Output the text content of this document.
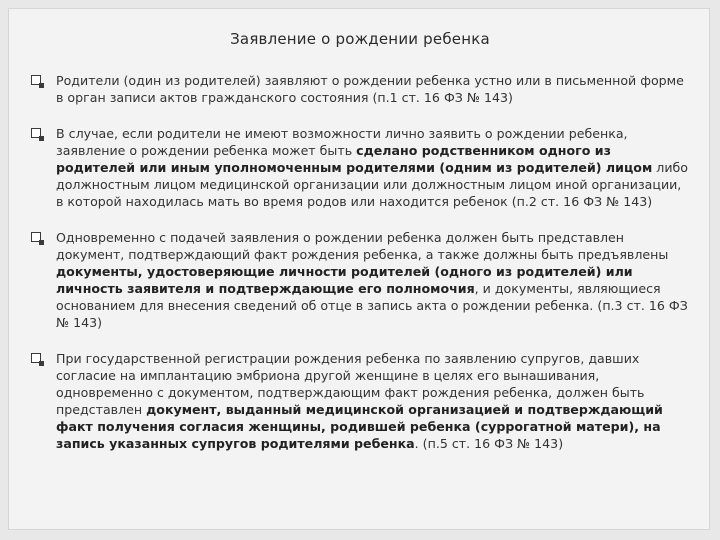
Заявление о рождении ребенка
Родители (один из родителей) заявляют о рождении ребенка устно или в письменной форме в орган записи актов гражданского состояния (п.1 ст. 16 ФЗ № 143)
В случае, если родители не имеют возможности лично заявить о рождении ребенка, заявление о рождении ребенка может быть сделано родственником одного из родителей или иным уполномоченным родителями (одним из родителей) лицом либо должностным лицом медицинской организации или должностным лицом иной организации, в которой находилась мать во время родов или находится ребенок (п.2 ст. 16 ФЗ № 143)
Одновременно с подачей заявления о рождении ребенка должен быть представлен документ, подтверждающий факт рождения ребенка, а также должны быть предъявлены документы, удостоверяющие личности родителей (одного из родителей) или личность заявителя и подтверждающие его полномочия, и документы, являющиеся основанием для внесения сведений об отце в запись акта о рождении ребенка. (п.3 ст. 16 ФЗ № 143)
При государственной регистрации рождения ребенка по заявлению супругов, давших согласие на имплантацию эмбриона другой женщине в целях его вынашивания, одновременно с документом, подтверждающим факт рождения ребенка, должен быть представлен документ, выданный медицинской организацией и подтверждающий факт получения согласия женщины, родившей ребенка (суррогатной матери), на запись указанных супругов родителями ребенка. (п.5 ст. 16 ФЗ № 143)
